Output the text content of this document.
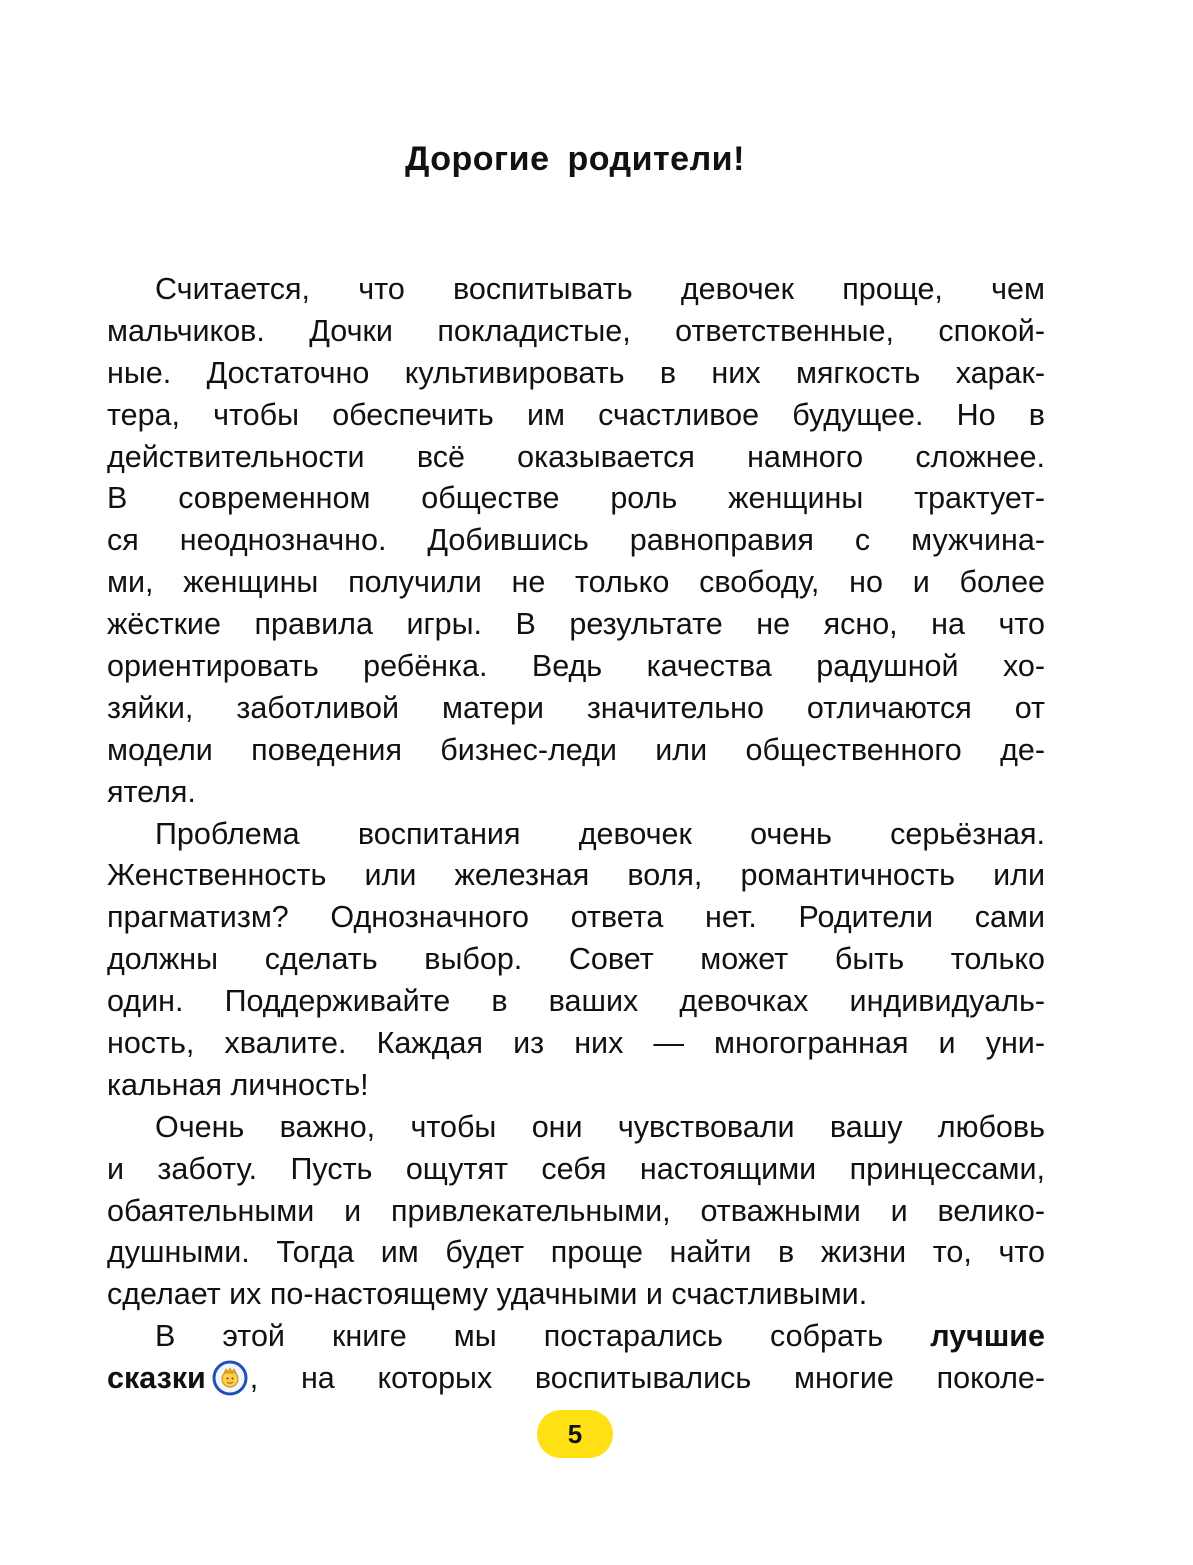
Дорогие родители!
Считается, что воспитывать девочек проще, чем
мальчиков. Дочки покладистые, ответственные, спокой-
ные. Достаточно культивировать в них мягкость харак-
тера, чтобы обеспечить им счастливое будущее. Но в
действительности всё оказывается намного сложнее.
В современном обществе роль женщины трактует-
ся неоднозначно. Добившись равноправия с мужчина-
ми, женщины получили не только свободу, но и более
жёсткие правила игры. В результате не ясно, на что
ориентировать ребёнка. Ведь качества радушной хо-
зяйки, заботливой матери значительно отличаются от
модели поведения бизнес-леди или общественного де-
ятеля.
Проблема воспитания девочек очень серьёзная.
Женственность или железная воля, романтичность или
прагматизм? Однозначного ответа нет. Родители сами
должны сделать выбор. Совет может быть только
один. Поддерживайте в ваших девочках индивидуаль-
ность, хвалите. Каждая из них — многогранная и уни-
кальная личность!
Очень важно, чтобы они чувствовали вашу любовь
и заботу. Пусть ощутят себя настоящими принцессами,
обаятельными и привлекательными, отважными и велико-
душными. Тогда им будет проще найти в жизни то, что
сделает их по-настоящему удачными и счастливыми.
В этой книге мы постарались собрать лучшие
сказки , на которых воспитывались многие поколе-
5
